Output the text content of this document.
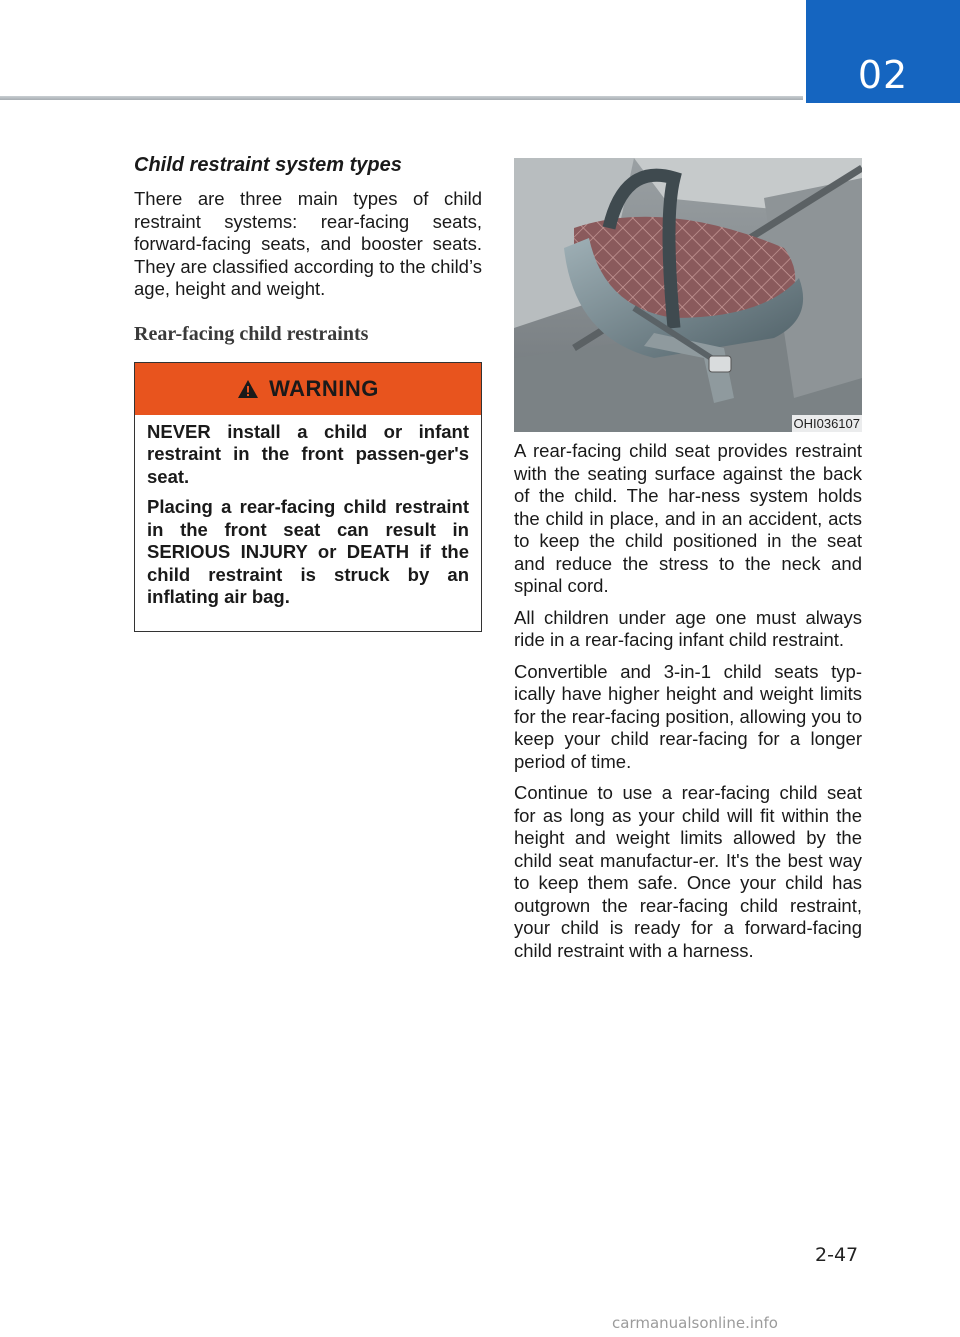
02
Child restraint system types

There are three main types of child restraint systems: rear-facing seats, forward-facing seats, and booster seats. They are classified according to the child’s age, height and weight.

Rear-facing child restraints
WARNING

NEVER install a child or infant restraint in the front passen-ger's seat.

Placing a rear-facing child restraint in the front seat can result in SERIOUS INJURY or DEATH if the child restraint is struck by an inflating air bag.

OHI036107

A rear-facing child seat provides restraint with the seating surface against the back of the child. The har-ness system holds the child in place, and in an accident, acts to keep the child positioned in the seat and reduce the stress to the neck and spinal cord.

All children under age one must always ride in a rear-facing infant child restraint.

Convertible and 3-in-1 child seats typ-ically have higher height and weight limits for the rear-facing position, allowing you to keep your child rear-facing for a longer period of time.

Continue to use a rear-facing child seat for as long as your child will fit within the height and weight limits allowed by the child seat manufactur-er. It's the best way to keep them safe. Once your child has outgrown the rear-facing child restraint, your child is ready for a forward-facing child restraint with a harness.

2-47
carmanualsonline.info
